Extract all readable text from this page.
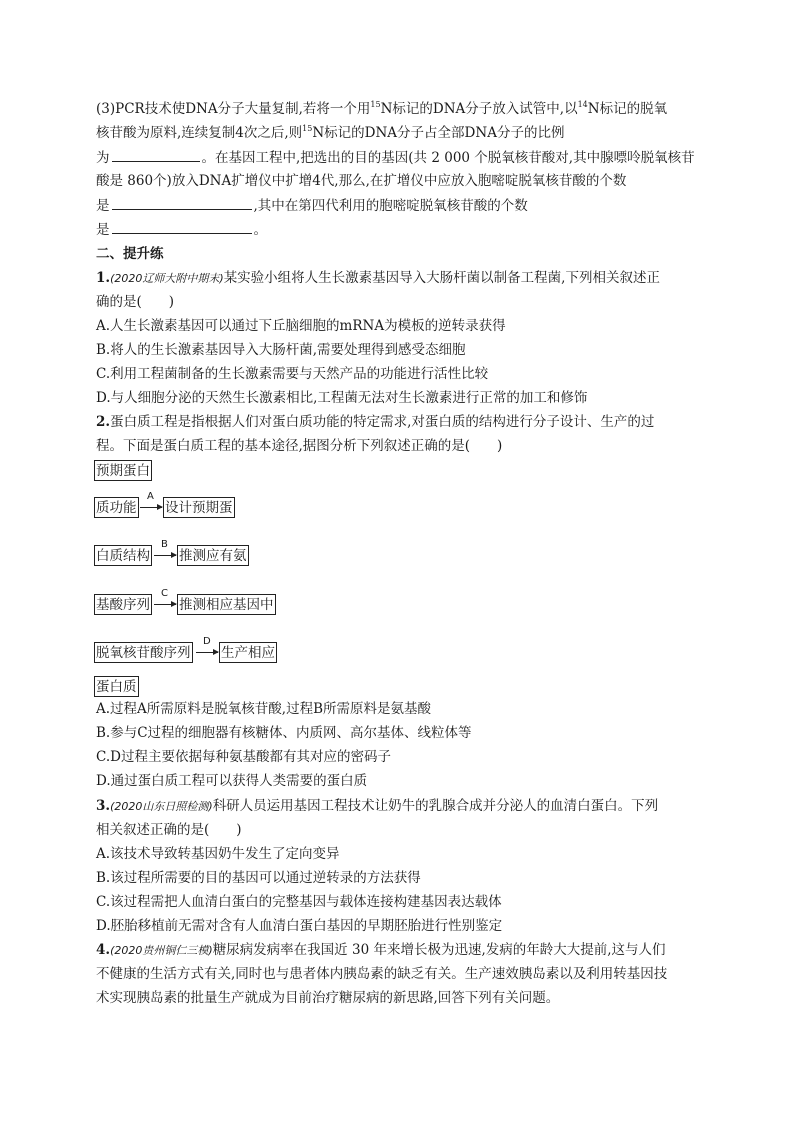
(3)PCR技术使DNA分子大量复制,若将一个用$^{15}$N标记的DNA分子放入试管中,以$^{14}$N标记的脱氧
核苷酸为原料,连续复制4次之后,则$^{15}$N标记的DNA分子占全部DNA分子的比例
为	。在基因工程中,把选出的目的基因(共 2 000 个脱氧核苷酸对,其中腺嘌呤脱氧核苷
酸是 860个)放入DNA扩增仪中扩增4代,那么,在扩增仪中应放入胞嘧啶脱氧核苷酸的个数
是	,其中在第四代利用的胞嘧啶脱氧核苷酸的个数
是	。
二、提升练
1.(2020辽师大附中期末)某实验小组将人生长激素基因导入大肠杆菌以制备工程菌,下列相关叙述正
确的是(　　)
A.人生长激素基因可以通过下丘脑细胞的mRNA为模板的逆转录获得
B.将人的生长激素基因导入大肠杆菌,需要处理得到感受态细胞
C.利用工程菌制备的生长激素需要与天然产品的功能进行活性比较
D.与人细胞分泌的天然生长激素相比,工程菌无法对生长激素进行正常的加工和修饰
2.蛋白质工程是指根据人们对蛋白质功能的特定需求,对蛋白质的结构进行分子设计、生产的过
程。下面是蛋白质工程的基本途径,据图分析下列叙述正确的是(　　)
预期蛋白
质功能
A
设计预期蛋
白质结构
B
推测应有氨
基酸序列
C
推测相应基因中
脱氧核苷酸序列
D
生产相应
蛋白质
A.过程A所需原料是脱氧核苷酸,过程B所需原料是氨基酸
B.参与C过程的细胞器有核糖体、内质网、高尔基体、线粒体等
C.D过程主要依据每种氨基酸都有其对应的密码子
D.通过蛋白质工程可以获得人类需要的蛋白质
3.(2020山东日照检测)科研人员运用基因工程技术让奶牛的乳腺合成并分泌人的血清白蛋白。下列
相关叙述正确的是(　　)
A.该技术导致转基因奶牛发生了定向变异
B.该过程所需要的目的基因可以通过逆转录的方法获得
C.该过程需把人血清白蛋白的完整基因与载体连接构建基因表达载体
D.胚胎移植前无需对含有人血清白蛋白基因的早期胚胎进行性别鉴定
4.(2020贵州铜仁三模)糖尿病发病率在我国近 30 年来增长极为迅速,发病的年龄大大提前,这与人们
不健康的生活方式有关,同时也与患者体内胰岛素的缺乏有关。生产速效胰岛素以及利用转基因技
术实现胰岛素的批量生产就成为目前治疗糖尿病的新思路,回答下列有关问题。
